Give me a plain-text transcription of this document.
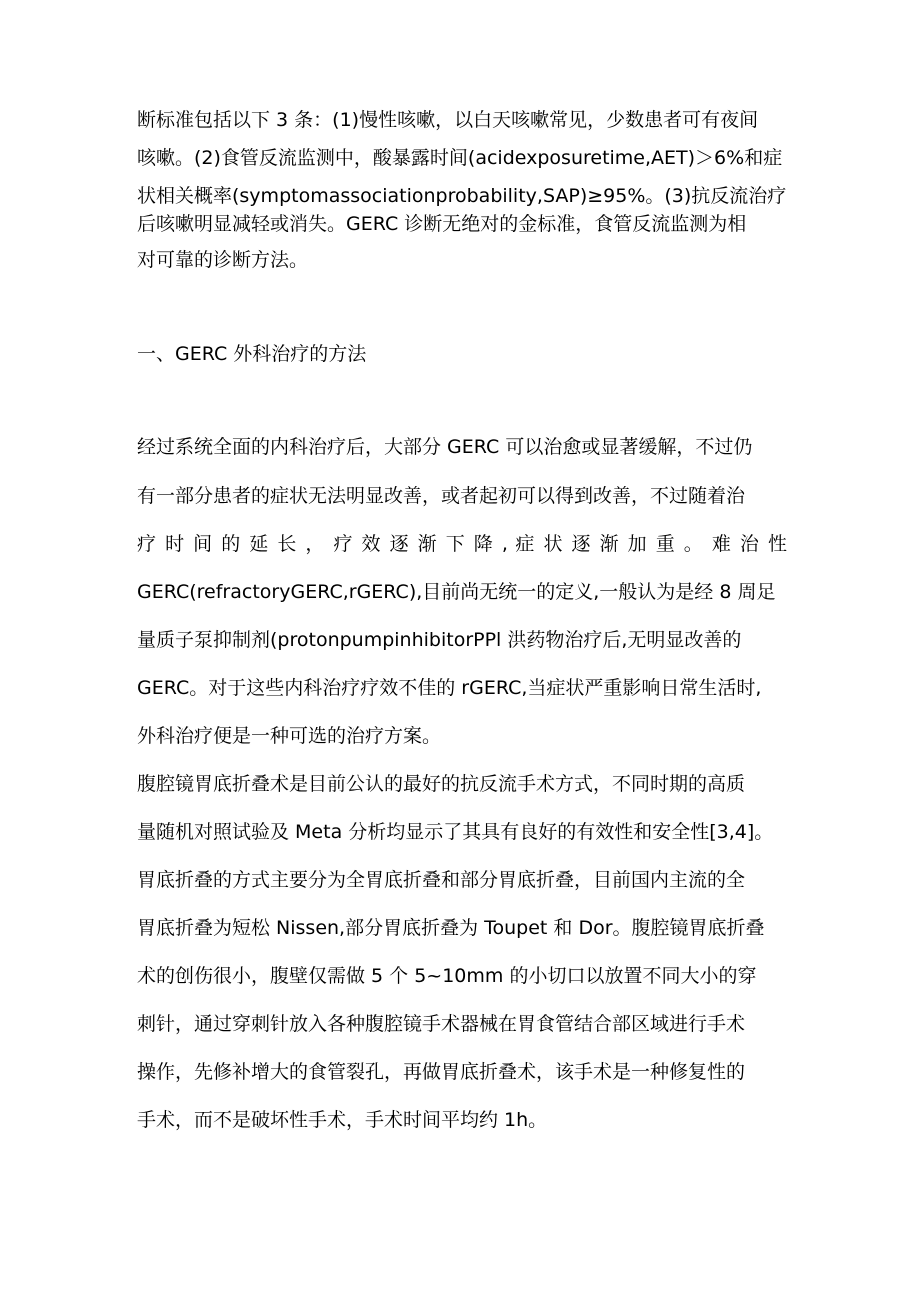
断标准包括以下 3 条：(1)慢性咳嗽，以白天咳嗽常见，少数患者可有夜间

咳嗽。(2)食管反流监测中，酸暴露时间(acidexposuretime,AET)＞6%和症

状相关概率(symptomassociationprobability,SAP)≥95%。(3)抗反流治疗

后咳嗽明显减轻或消失。GERC 诊断无绝对的金标准，食管反流监测为相

对可靠的诊断方法。

一、GERC 外科治疗的方法

经过系统全面的内科治疗后，大部分 GERC 可以治愈或显著缓解，不过仍

有一部分患者的症状无法明显改善，或者起初可以得到改善，不过随着治

疗 时 间 的 延 长 ， 疗 效 逐 渐 下 降 , 症 状 逐 渐 加 重 。 难 治 性

GERC(refractoryGERC,rGERC),目前尚无统一的定义,一般认为是经 8 周足

量质子泵抑制剂(protonpumpinhibitorPPl 洪药物治疗后,无明显改善的

GERC。对于这些内科治疗疗效不佳的 rGERC,当症状严重影响日常生活时,

外科治疗便是一种可选的治疗方案。

腹腔镜胃底折叠术是目前公认的最好的抗反流手术方式，不同时期的高质

量随机对照试验及 Meta 分析均显示了其具有良好的有效性和安全性[3,4]。

胃底折叠的方式主要分为全胃底折叠和部分胃底折叠，目前国内主流的全

胃底折叠为短松 Nissen,部分胃底折叠为 Toupet 和 Dor。腹腔镜胃底折叠

术的创伤很小，腹壁仅需做 5 个 5~10mm 的小切口以放置不同大小的穿

刺针，通过穿刺针放入各种腹腔镜手术器械在胃食管结合部区域进行手术

操作，先修补增大的食管裂孔，再做胃底折叠术，该手术是一种修复性的

手术，而不是破坏性手术，手术时间平均约 1h。
